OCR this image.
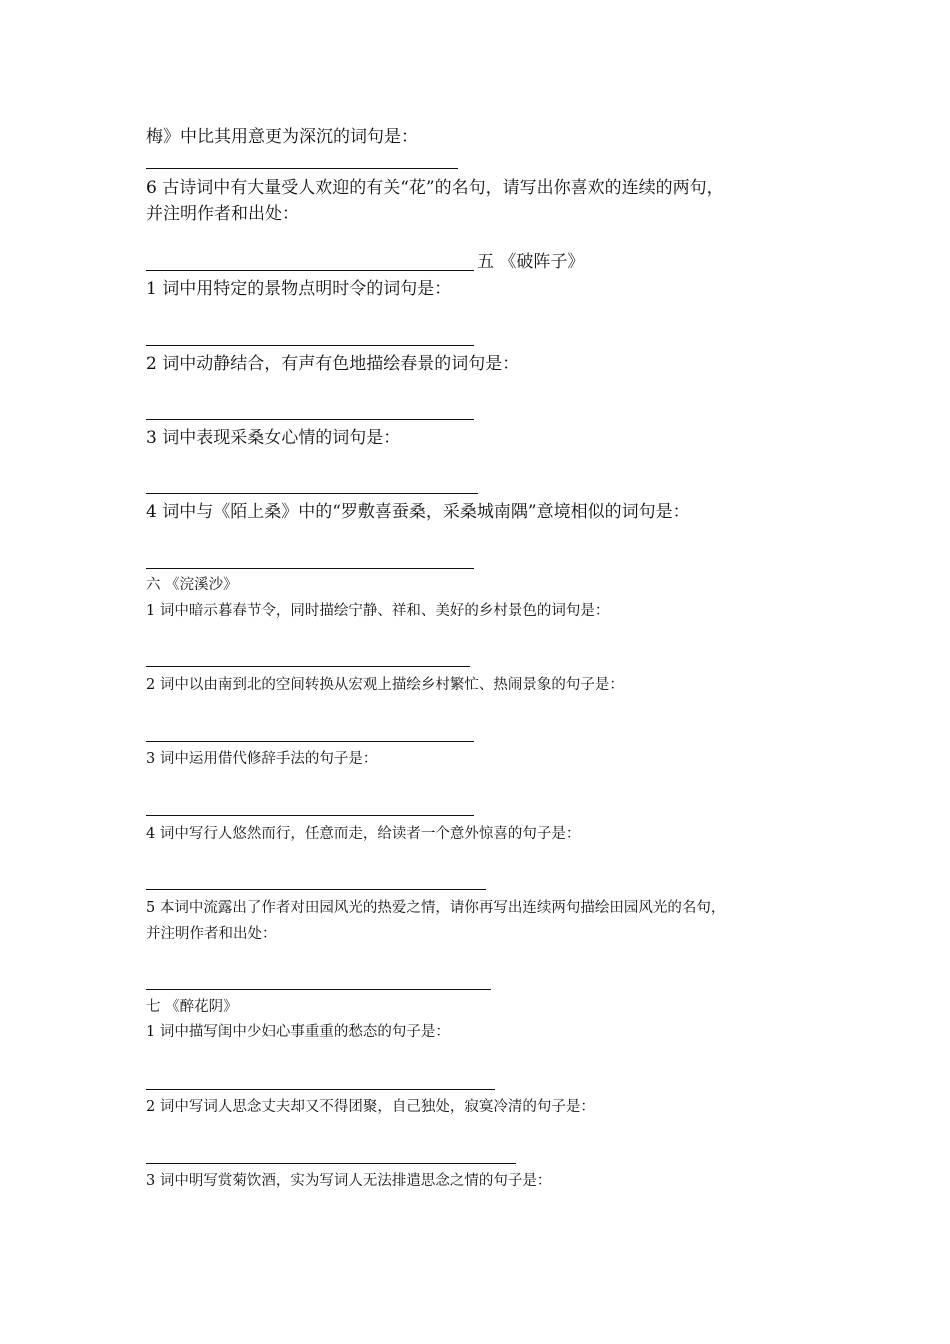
梅》中比其用意更为深沉的词句是：
6 古诗词中有大量受人欢迎的有关“花”的名句，请写出你喜欢的连续的两句，
并注明作者和出处：
五 《破阵子》
1 词中用特定的景物点明时令的词句是：
2 词中动静结合，有声有色地描绘春景的词句是：
3 词中表现采桑女心情的词句是：
4 词中与《陌上桑》中的“罗敷喜蚕桑，采桑城南隅”意境相似的词句是：
六 《浣溪沙》
1 词中暗示暮春节令，同时描绘宁静、祥和、美好的乡村景色的词句是：
2 词中以由南到北的空间转换从宏观上描绘乡村繁忙、热闹景象的句子是：
3 词中运用借代修辞手法的句子是：
4 词中写行人悠然而行，任意而走，给读者一个意外惊喜的句子是：
5 本词中流露出了作者对田园风光的热爱之情，请你再写出连续两句描绘田园风光的名句，
并注明作者和出处：
七 《醉花阴》
1 词中描写闺中少妇心事重重的愁态的句子是：
2 词中写词人思念丈夫却又不得团聚，自己独处，寂寞冷清的句子是：
3 词中明写赏菊饮酒，实为写词人无法排遣思念之情的句子是：
